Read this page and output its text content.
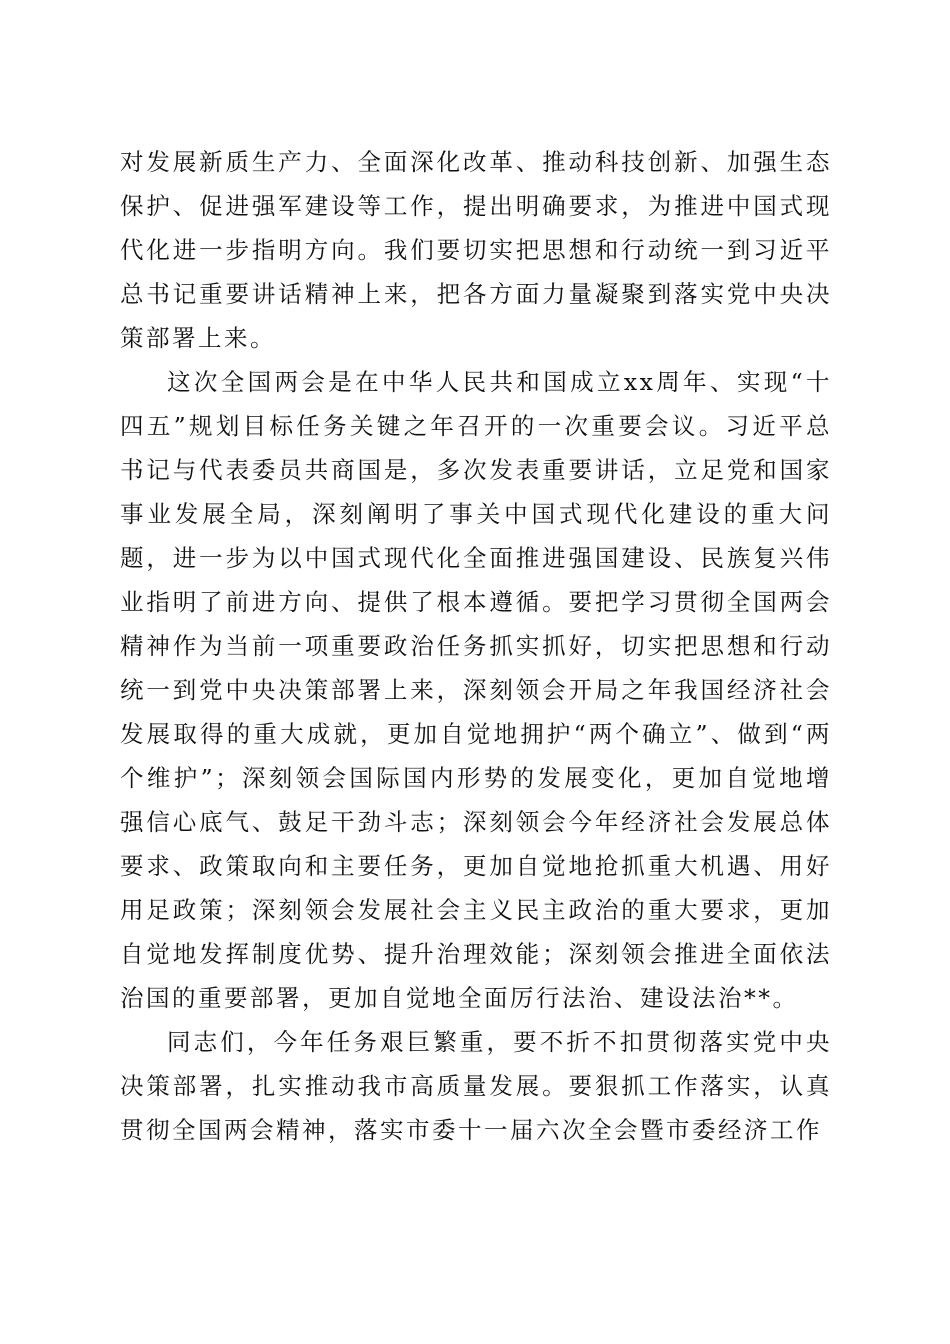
对发展新质生产力、全面深化改革、推动科技创新、加强生态保护、促进强军建设等工作，提出明确要求，为推进中国式现代化进一步指明方向。我们要切实把思想和行动统一到习近平总书记重要讲话精神上来，把各方面力量凝聚到落实党中央决策部署上来。

这次全国两会是在中华人民共和国成立xx周年、实现“十四五”规划目标任务关键之年召开的一次重要会议。习近平总书记与代表委员共商国是，多次发表重要讲话，立足党和国家事业发展全局，深刻阐明了事关中国式现代化建设的重大问题，进一步为以中国式现代化全面推进强国建设、民族复兴伟业指明了前进方向、提供了根本遵循。要把学习贯彻全国两会精神作为当前一项重要政治任务抓实抓好，切实把思想和行动统一到党中央决策部署上来，深刻领会开局之年我国经济社会发展取得的重大成就，更加自觉地拥护“两个确立”、做到“两个维护”；深刻领会国际国内形势的发展变化，更加自觉地增强信心底气、鼓足干劲斗志；深刻领会今年经济社会发展总体要求、政策取向和主要任务，更加自觉地抢抓重大机遇、用好用足政策；深刻领会发展社会主义民主政治的重大要求，更加自觉地发挥制度优势、提升治理效能；深刻领会推进全面依法治国的重要部署，更加自觉地全面厉行法治、建设法治**。

同志们，今年任务艰巨繁重，要不折不扣贯彻落实党中央决策部署，扎实推动我市高质量发展。要狠抓工作落实，认真贯彻全国两会精神，落实市委十一届六次全会暨市委经济工作
